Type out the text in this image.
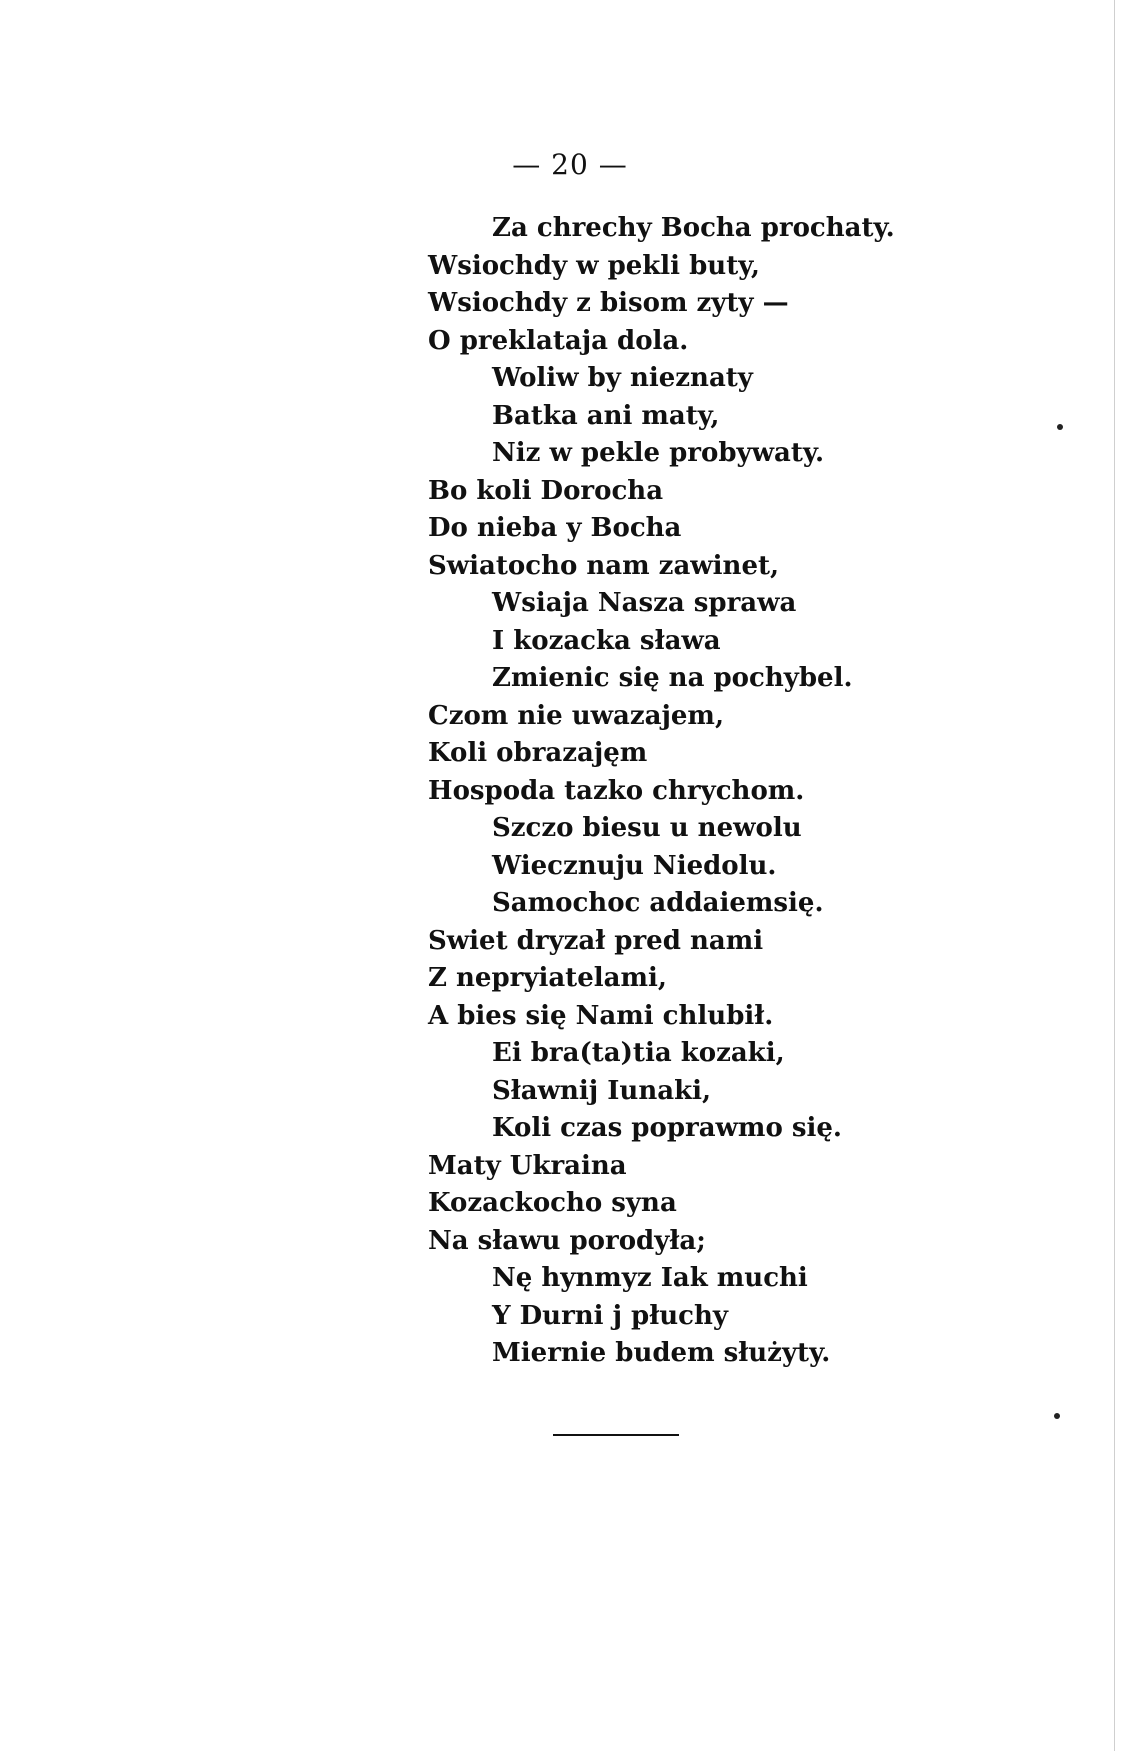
— 20 —
Za chrechy Bocha prochaty.
Wsiochdy w pekli buty,
Wsiochdy z bisom zyty —
O preklataja dola.
Woliw by nieznaty
Batka ani maty,
Niz w pekle probywaty.
Bo koli Dorocha
Do nieba y Bocha
Swiatocho nam zawinet,
Wsiaja Nasza sprawa
I kozacka sława
Zmienic się na pochybel.
Czom nie uwazajem,
Koli obrazajęm
Hospoda tazko chrychom.
Szczo biesu u newolu
Wiecznuju Niedolu.
Samochoc addaiemsię.
Swiet dryzał pred nami
Z nepryiatelami,
A bies się Nami chlubił.
Ei bra(ta)tia kozaki,
Sławnij Iunaki,
Koli czas poprawmo się.
Maty Ukraina
Kozackocho syna
Na sławu porodyła;
Nę hynmyz Iak muchi
Y Durni j płuchy
Miernie budem służyty.
